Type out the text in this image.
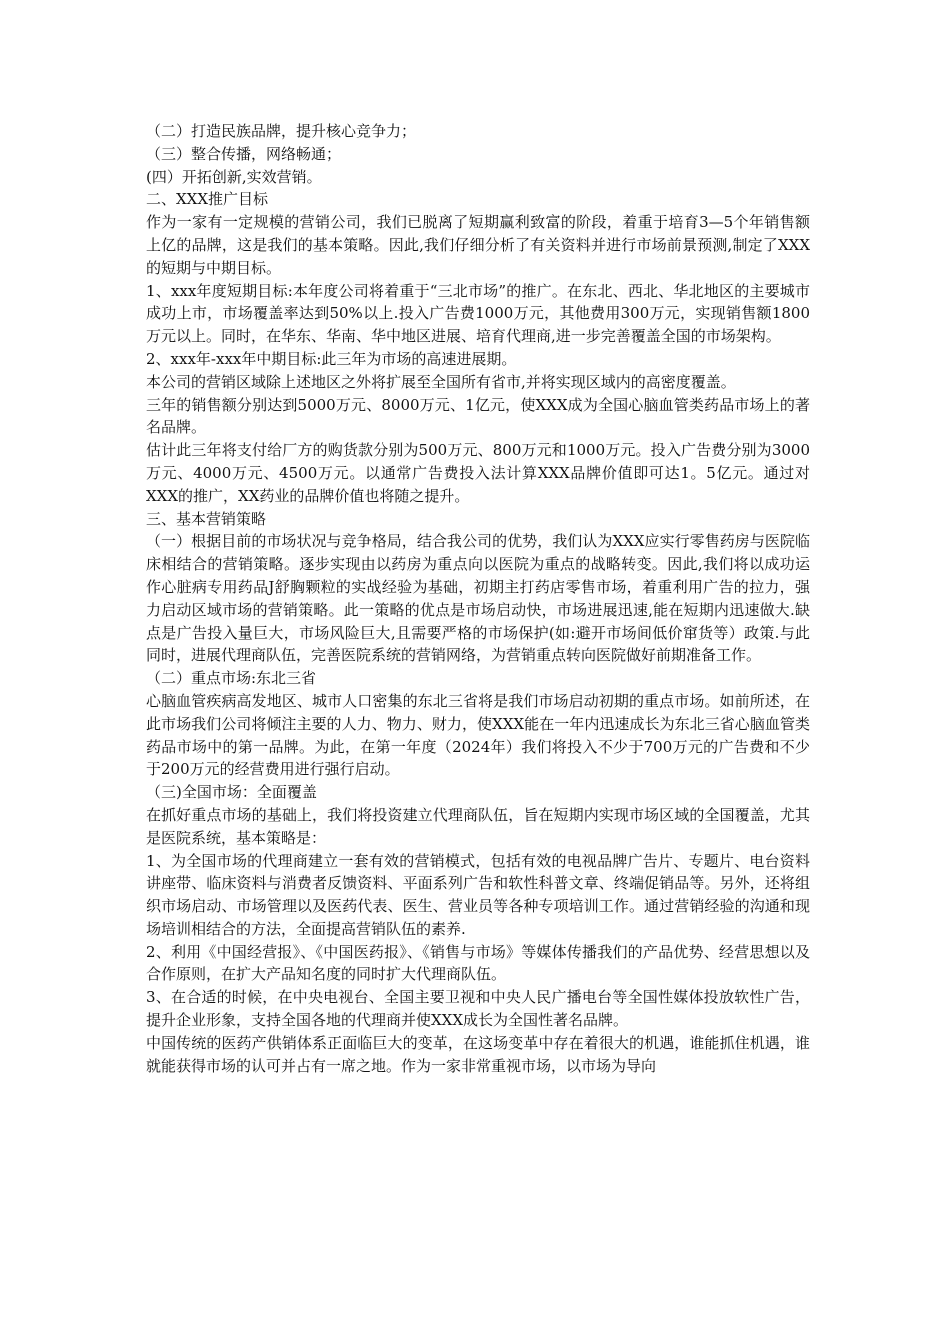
（二）打造民族品牌，提升核心竞争力；

（三）整合传播，网络畅通；

(四）开拓创新,实效营销。

二、XXX推广目标

作为一家有一定规模的营销公司，我们已脱离了短期赢利致富的阶段，着重于培育3—5个年销售额上亿的品牌，这是我们的基本策略。因此,我们仔细分析了有关资料并进行市场前景预测,制定了XXX的短期与中期目标。

1、xxx年度短期目标:本年度公司将着重于“三北市场”的推广。在东北、西北、华北地区的主要城市成功上市，市场覆盖率达到50%以上.投入广告费1000万元，其他费用300万元，实现销售额1800万元以上。同时，在华东、华南、华中地区进展、培育代理商,进一步完善覆盖全国的市场架构。

2、xxx年-xxx年中期目标:此三年为市场的高速进展期。

本公司的营销区域除上述地区之外将扩展至全国所有省市,并将实现区域内的高密度覆盖。

三年的销售额分别达到5000万元、8000万元、1亿元，使XXX成为全国心脑血管类药品市场上的著名品牌。

估计此三年将支付给厂方的购货款分别为500万元、800万元和1000万元。投入广告费分别为3000万元、4000万元、4500万元。以通常广告费投入法计算XXX品牌价值即可达1。5亿元。通过对XXX的推广，XX药业的品牌价值也将随之提升。

三、基本营销策略

（一）根据目前的市场状况与竞争格局，结合我公司的优势，我们认为XXX应实行零售药房与医院临床相结合的营销策略。逐步实现由以药房为重点向以医院为重点的战略转变。因此,我们将以成功运作心脏病专用药品J舒胸颗粒的实战经验为基础，初期主打药店零售市场，着重利用广告的拉力，强力启动区域市场的营销策略。此一策略的优点是市场启动快，市场进展迅速,能在短期内迅速做大.缺点是广告投入量巨大，市场风险巨大,且需要严格的市场保护(如:避开市场间低价窜货等）政策.与此同时，进展代理商队伍，完善医院系统的营销网络，为营销重点转向医院做好前期准备工作。

（二）重点市场:东北三省

心脑血管疾病高发地区、城市人口密集的东北三省将是我们市场启动初期的重点市场。如前所述，在此市场我们公司将倾注主要的人力、物力、财力，使XXX能在一年内迅速成长为东北三省心脑血管类药品市场中的第一品牌。为此，在第一年度（2024年）我们将投入不少于700万元的广告费和不少于200万元的经营费用进行强行启动。

（三)全国市场：全面覆盖

在抓好重点市场的基础上，我们将投资建立代理商队伍，旨在短期内实现市场区域的全国覆盖，尤其是医院系统，基本策略是：

1、为全国市场的代理商建立一套有效的营销模式，包括有效的电视品牌广告片、专题片、电台资料讲座带、临床资料与消费者反馈资料、平面系列广告和软性科普文章、终端促销品等。另外，还将组织市场启动、市场管理以及医药代表、医生、营业员等各种专项培训工作。通过营销经验的沟通和现场培训相结合的方法，全面提高营销队伍的素养.

2、利用《中国经营报》、《中国医药报》、《销售与市场》等媒体传播我们的产品优势、经营思想以及合作原则，在扩大产品知名度的同时扩大代理商队伍。

3、在合适的时候，在中央电视台、全国主要卫视和中央人民广播电台等全国性媒体投放软性广告，提升企业形象，支持全国各地的代理商并使XXX成长为全国性著名品牌。

中国传统的医药产供销体系正面临巨大的变革，在这场变革中存在着很大的机遇，谁能抓住机遇，谁就能获得市场的认可并占有一席之地。作为一家非常重视市场，以市场为导向
